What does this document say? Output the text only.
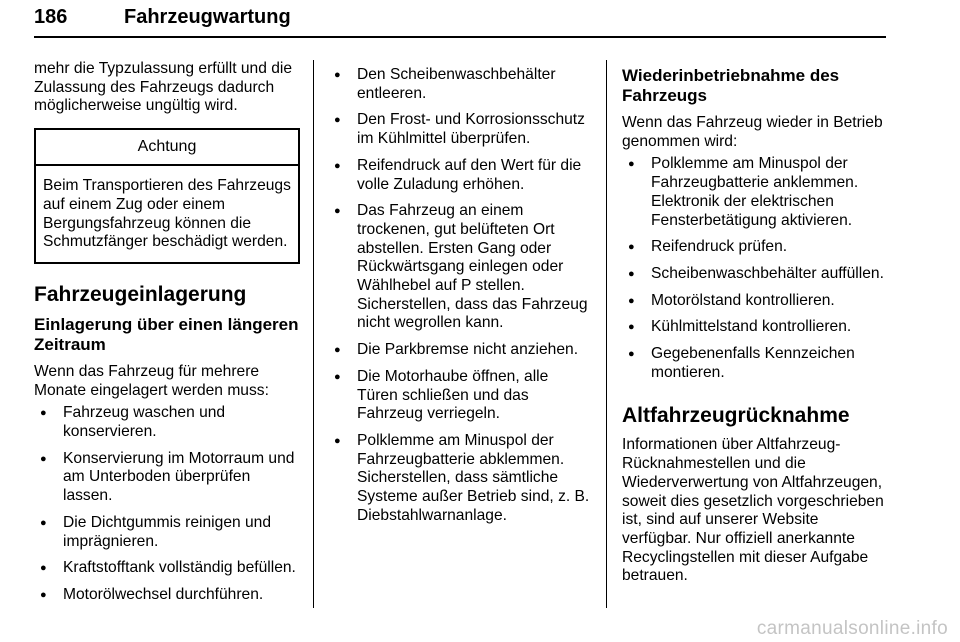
186	Fahrzeugwartung

mehr die Typzulassung erfüllt und die Zulassung des Fahrzeugs dadurch möglicherweise ungültig wird.

Achtung
Beim Transportieren des Fahrzeugs auf einem Zug oder einem Bergungsfahrzeug können die Schmutzfänger beschädigt werden.
Fahrzeugeinlagerung
Einlagerung über einen längeren Zeitraum

Wenn das Fahrzeug für mehrere Monate eingelagert werden muss:

● Fahrzeug waschen und konservieren.
● Konservierung im Motorraum und am Unterboden überprüfen lassen.
● Die Dichtgummis reinigen und imprägnieren.
● Kraftstofftank vollständig befüllen.
● Motorölwechsel durchführen.
● Den Scheibenwaschbehälter entleeren.
● Den Frost- und Korrosionsschutz im Kühlmittel überprüfen.
● Reifendruck auf den Wert für die volle Zuladung erhöhen.
● Das Fahrzeug an einem trockenen, gut belüfteten Ort abstellen. Ersten Gang oder Rückwärtsgang einlegen oder Wählhebel auf P stellen. Sicherstellen, dass das Fahrzeug nicht wegrollen kann.
● Die Parkbremse nicht anziehen.
● Die Motorhaube öffnen, alle Türen schließen und das Fahrzeug verriegeln.
● Polklemme am Minuspol der Fahrzeugbatterie abklemmen. Sicherstellen, dass sämtliche Systeme außer Betrieb sind, z. B. Diebstahlwarnanlage.
Wiederinbetriebnahme des Fahrzeugs

Wenn das Fahrzeug wieder in Betrieb genommen wird:

● Polklemme am Minuspol der Fahrzeugbatterie anklemmen. Elektronik der elektrischen Fensterbetätigung aktivieren.
● Reifendruck prüfen.
● Scheibenwaschbehälter auffüllen.
● Motorölstand kontrollieren.
● Kühlmittelstand kontrollieren.
● Gegebenenfalls Kennzeichen montieren.
Altfahrzeugrücknahme

Informationen über Altfahrzeug-Rücknahmestellen und die Wiederverwertung von Altfahrzeugen, soweit dies gesetzlich vorgeschrieben ist, sind auf unserer Website verfügbar. Nur offiziell anerkannte Recyclingstellen mit dieser Aufgabe betrauen.

carmanualsonline.info
